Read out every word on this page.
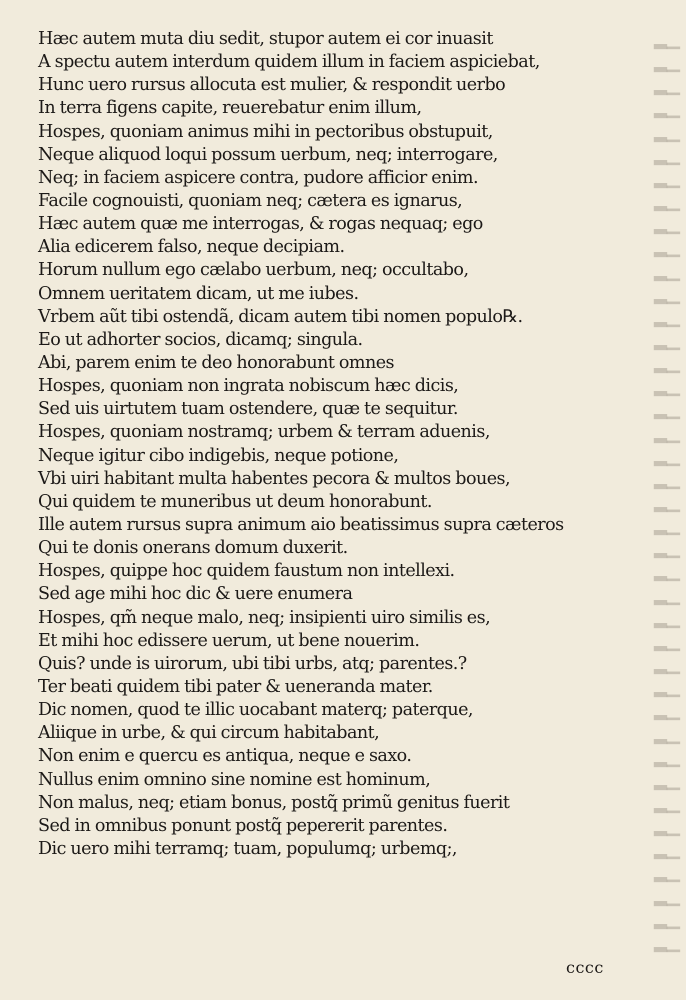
▁▂
▁▂
▁▂
▁▂
▁▂
▁▂
▁▂
▁▂
▁▂
▁▂
▁▂
▁▂
▁▂
▁▂
▁▂
▁▂
▁▂
▁▂
▁▂
▁▂
▁▂
▁▂
▁▂
▁▂
▁▂
▁▂
▁▂
▁▂
▁▂
▁▂
▁▂
▁▂
▁▂
▁▂
▁▂
▁▂
▁▂
▁▂
▁▂
▁▂
Hæc autem muta diu sedit, stupor autem ei cor inuasit
A spectu autem interdum quidem illum in faciem aspiciebat,
Hunc uero rursus allocuta est mulier, & respondit uerbo
In terra figens capite, reuerebatur enim illum,
Hospes, quoniam animus mihi in pectoribus obstupuit,
Neque aliquod loqui possum uerbum, neq; interrogare,
Neq; in faciem aspicere contra, pudore afficior enim.
Facile cognouisti, quoniam neq; cætera es ignarus,
Hæc autem quæ me interrogas, & rogas nequaq; ego
Alia edicerem falso, neque decipiam.
Horum nullum ego cælabo uerbum, neq; occultabo,
Omnem ueritatem dicam, ut me iubes.
Vrbem aũt tibi ostendã, dicam autem tibi nomen populo℞.
Eo ut adhorter socios, dicamq; singula.
Abi, parem enim te deo honorabunt omnes
Hospes, quoniam non ingrata nobiscum hæc dicis,
Sed uis uirtutem tuam ostendere, quæ te sequitur.
Hospes, quoniam nostramq; urbem & terram aduenis,
Neque igitur cibo indigebis, neque potione,
Vbi uiri habitant multa habentes pecora & multos boues,
Qui quidem te muneribus ut deum honorabunt.
Ille autem rursus supra animum aio beatissimus supra cæteros
Qui te donis onerans domum duxerit.
Hospes, quippe hoc quidem faustum non intellexi.
Sed age mihi hoc dic & uere enumera
Hospes, qm̃ neque malo, neq; insipienti uiro similis es,
Et mihi hoc edissere uerum, ut bene nouerim.
Quis? unde is uirorum, ubi tibi urbs, atq; parentes.?
Ter beati quidem tibi pater & ueneranda mater.
Dic nomen, quod te illic uocabant materq; paterque,
Aliique in urbe, & qui circum habitabant,
Non enim e quercu es antiqua, neque e saxo.
Nullus enim omnino sine nomine est hominum,
Non malus, neq; etiam bonus, postq̃ primũ genitus fuerit
Sed in omnibus ponunt postq̃ pepererit parentes.
Dic uero mihi terramq; tuam, populumq; urbemq;,
cccc
